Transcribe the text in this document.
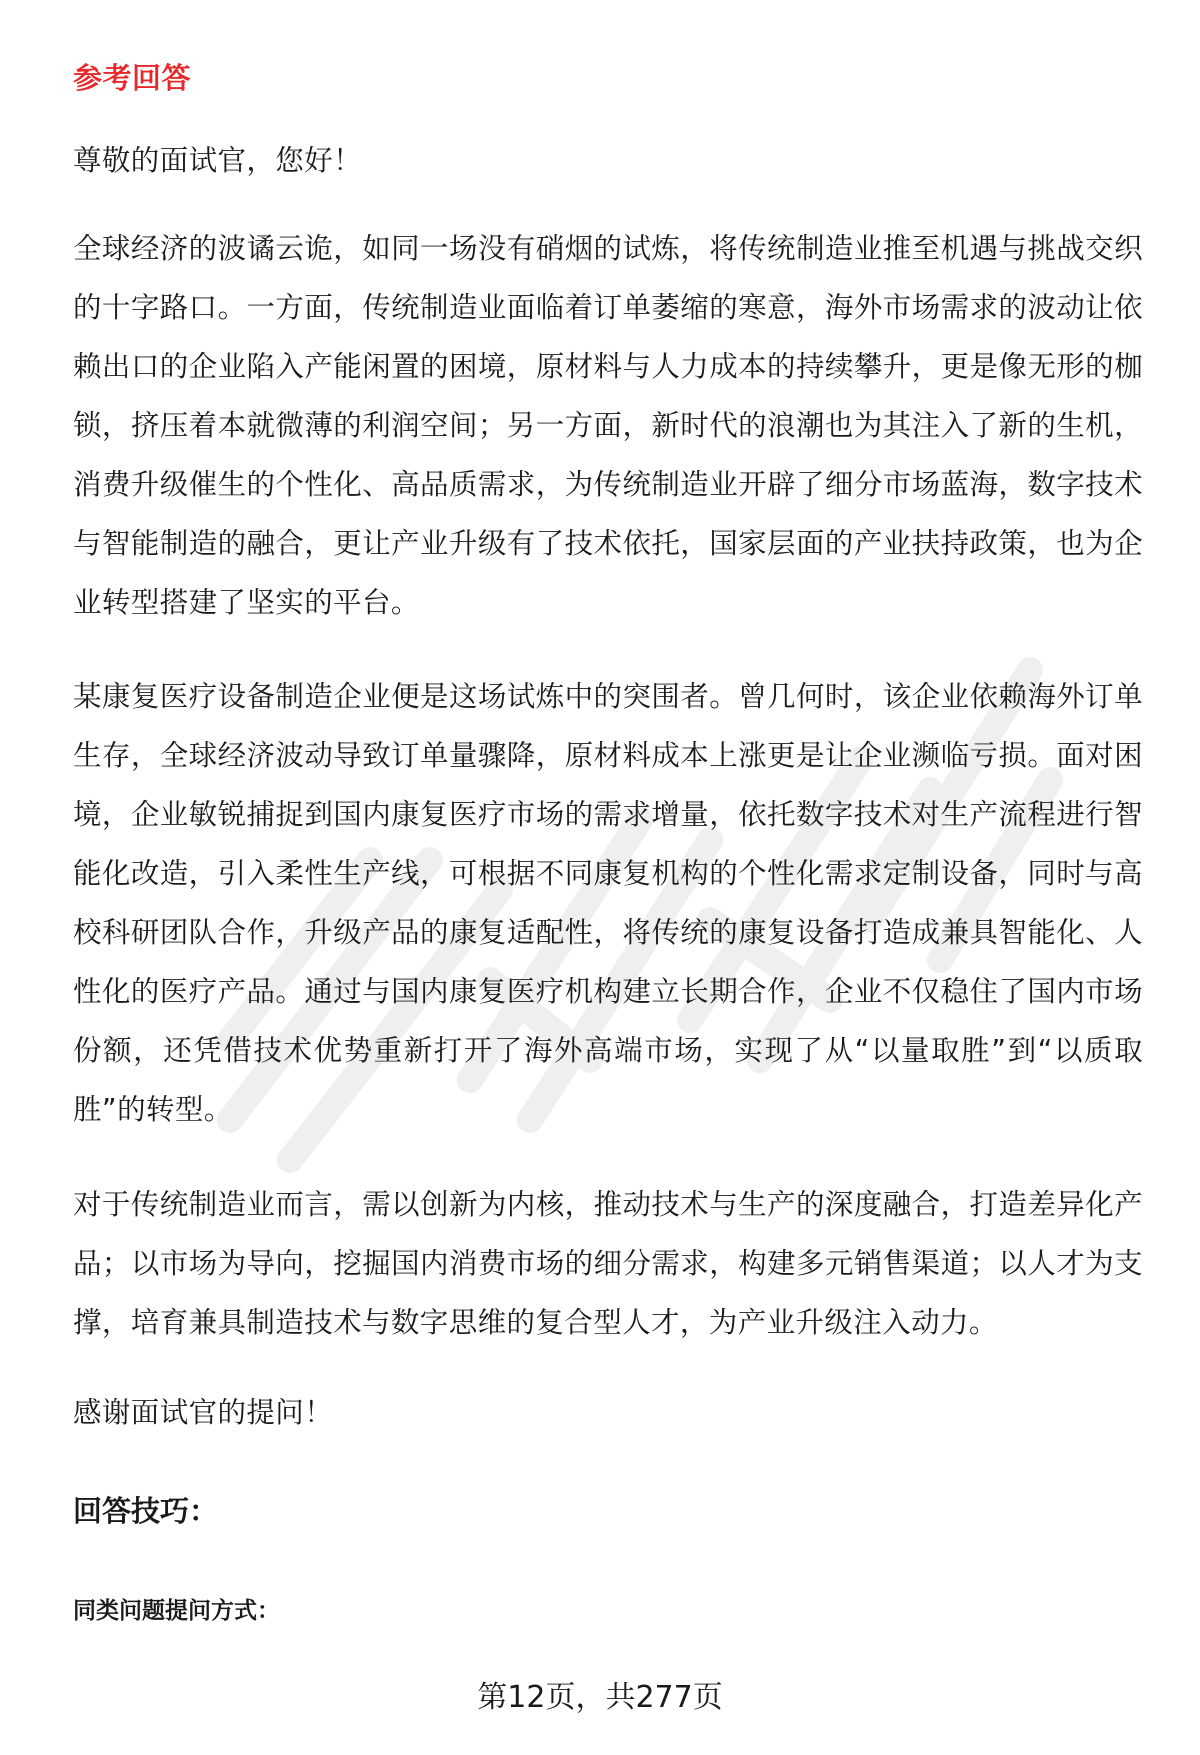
参考回答

尊敬的面试官，您好！

全球经济的波谲云诡，如同一场没有硝烟的试炼，将传统制造业推至机遇与挑战交织的十字路口。一方面，传统制造业面临着订单萎缩的寒意，海外市场需求的波动让依赖出口的企业陷入产能闲置的困境，原材料与人力成本的持续攀升，更是像无形的枷锁，挤压着本就微薄的利润空间；另一方面，新时代的浪潮也为其注入了新的生机，消费升级催生的个性化、高品质需求，为传统制造业开辟了细分市场蓝海，数字技术与智能制造的融合，更让产业升级有了技术依托，国家层面的产业扶持政策，也为企业转型搭建了坚实的平台。

某康复医疗设备制造企业便是这场试炼中的突围者。曾几何时，该企业依赖海外订单生存，全球经济波动导致订单量骤降，原材料成本上涨更是让企业濒临亏损。面对困境，企业敏锐捕捉到国内康复医疗市场的需求增量，依托数字技术对生产流程进行智能化改造，引入柔性生产线，可根据不同康复机构的个性化需求定制设备，同时与高校科研团队合作，升级产品的康复适配性，将传统的康复设备打造成兼具智能化、人性化的医疗产品。通过与国内康复医疗机构建立长期合作，企业不仅稳住了国内市场份额，还凭借技术优势重新打开了海外高端市场，实现了从“以量取胜”到“以质取胜”的转型。

对于传统制造业而言，需以创新为内核，推动技术与生产的深度融合，打造差异化产品；以市场为导向，挖掘国内消费市场的细分需求，构建多元销售渠道；以人才为支撑，培育兼具制造技术与数字思维的复合型人才，为产业升级注入动力。

感谢面试官的提问！

回答技巧：
同类问题提问方式：
第12页，共277页
